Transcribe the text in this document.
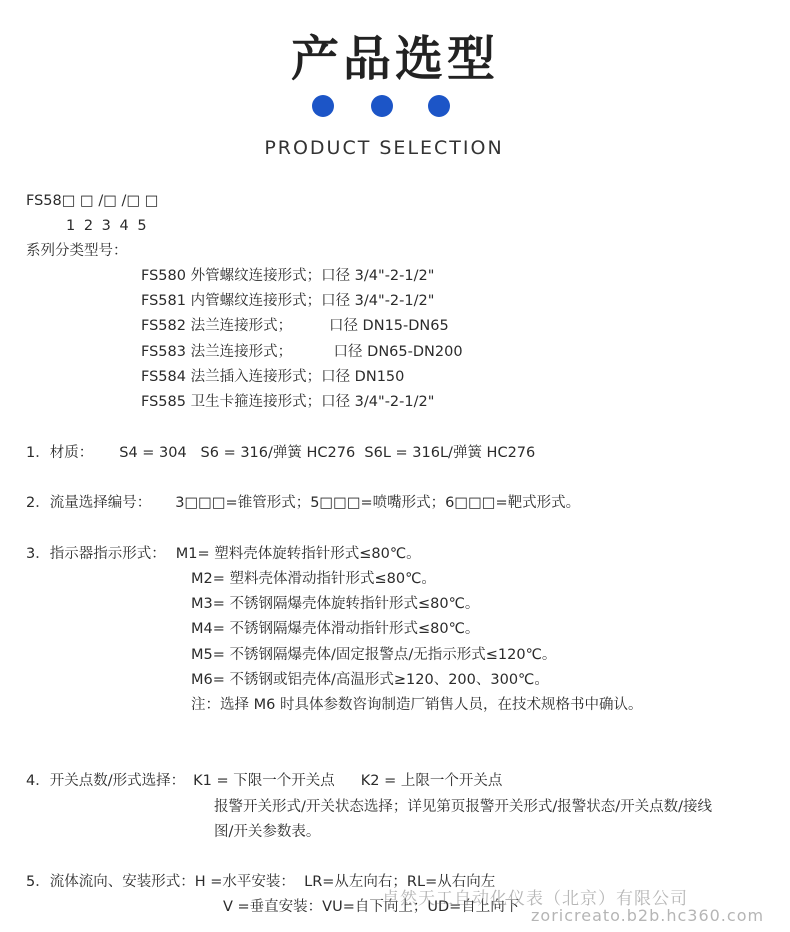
产品选型
PRODUCT SELECTION
FS58□ □ /□ /□ □
1 2 3 4 5
系列分类型号：
FS580 外管螺纹连接形式；口径 3/4"-2-1/2"
FS581 内管螺纹连接形式；口径 3/4"-2-1/2"
FS582 法兰连接形式；        口径 DN15-DN65
FS583 法兰连接形式；         口径 DN65-DN200
FS584 法兰插入连接形式；口径 DN150
FS585 卫生卡箍连接形式；口径 3/4"-2-1/2"
1．材质： S4 = 304   S6 = 316/弹簧 HC276  S6L = 316L/弹簧 HC276
2．流量选择编号： 3□□□=锥管形式；5□□□=喷嘴形式；6□□□=靶式形式。
3．指示器指示形式： M1= 塑料壳体旋转指针形式≤80℃。
M2= 塑料壳体滑动指针形式≤80℃。
M3= 不锈钢隔爆壳体旋转指针形式≤80℃。
M4= 不锈钢隔爆壳体滑动指针形式≤80℃。
M5= 不锈钢隔爆壳体/固定报警点/无指示形式≤120℃。
M6= 不锈钢或铝壳体/高温形式≥120、200、300℃。
注：选择 M6 时具体参数咨询制造厂销售人员，在技术规格书中确认。
4．开关点数/形式选择： K1 = 下限一个开关点 K2 = 上限一个开关点
报警开关形式/开关状态选择；详见第页报警开关形式/报警状态/开关点数/接线
图/开关参数表。
5．流体流向、安装形式：H =水平安装：  LR=从左向右；RL=从右向左
V =垂直安装：VU=自下向上；UD=自上向下
卓然天工自动化仪表（北京）有限公司
zoricreato.b2b.hc360.com
